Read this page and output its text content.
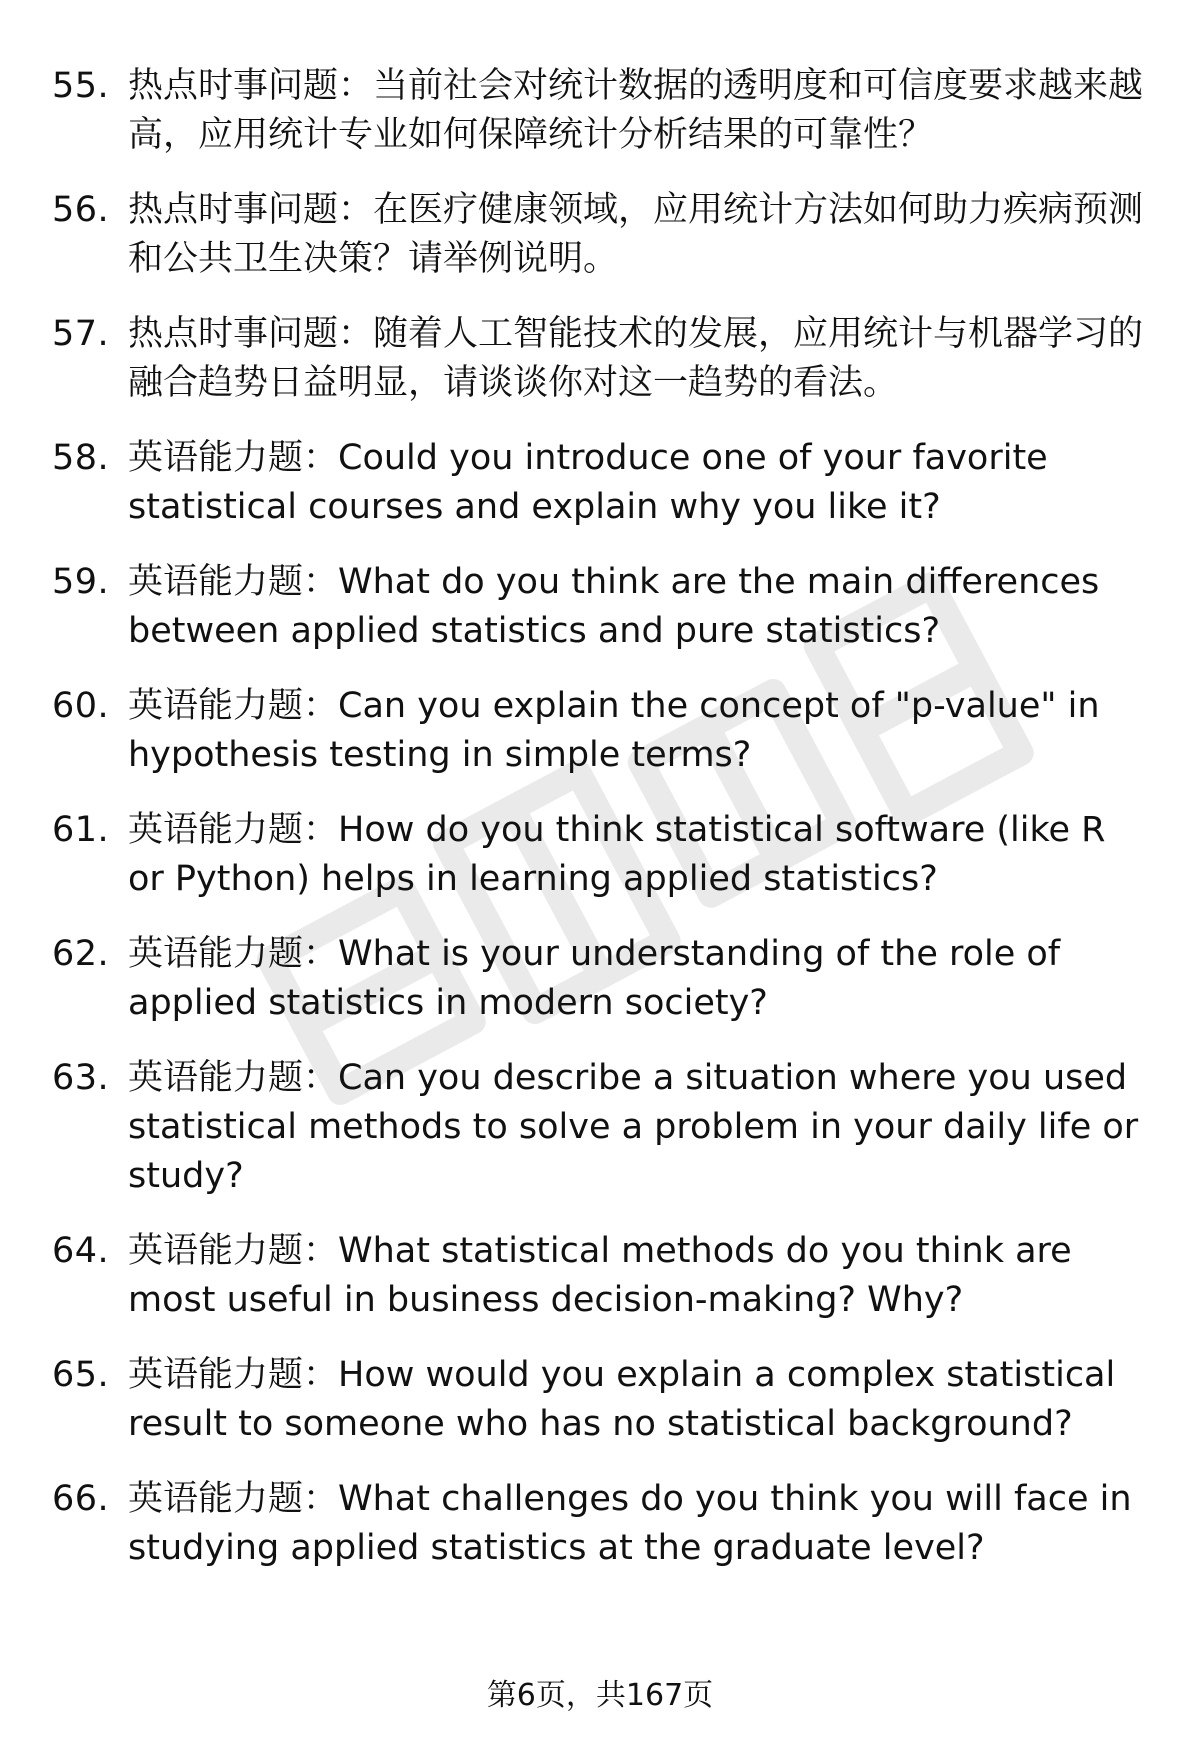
55. 热点时事问题：当前社会对统计数据的透明度和可信度要求越来越高，应用统计专业如何保障统计分析结果的可靠性？
56. 热点时事问题：在医疗健康领域，应用统计方法如何助力疾病预测和公共卫生决策？请举例说明。
57. 热点时事问题：随着人工智能技术的发展，应用统计与机器学习的融合趋势日益明显，请谈谈你对这一趋势的看法。
58. 英语能力题：Could you introduce one of your favorite statistical courses and explain why you like it?
59. 英语能力题：What do you think are the main differences between applied statistics and pure statistics?
60. 英语能力题：Can you explain the concept of "p-value" in hypothesis testing in simple terms?
61. 英语能力题：How do you think statistical software (like R or Python) helps in learning applied statistics?
62. 英语能力题：What is your understanding of the role of applied statistics in modern society?
63. 英语能力题：Can you describe a situation where you used statistical methods to solve a problem in your daily life or study?
64. 英语能力题：What statistical methods do you think are most useful in business decision-making? Why?
65. 英语能力题：How would you explain a complex statistical result to someone who has no statistical background?
66. 英语能力题：What challenges do you think you will face in studying applied statistics at the graduate level?
第6页，共167页
